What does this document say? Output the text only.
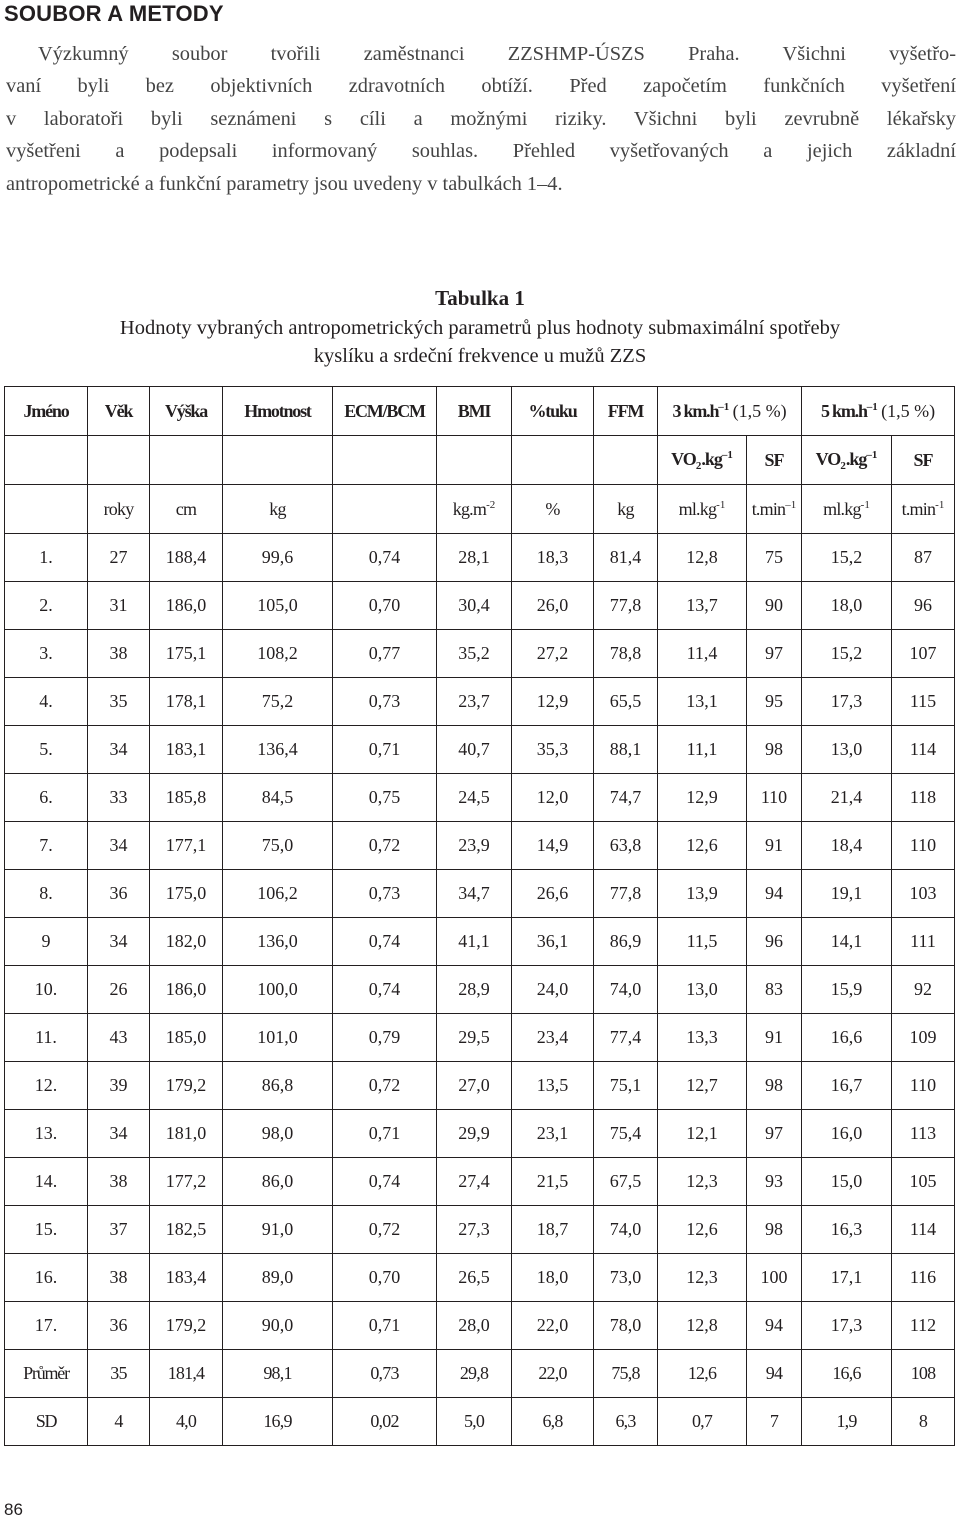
SOUBOR A METODY
Výzkumný soubor tvořili zaměstnanci ZZSHMP-ÚSZS Praha. Všichni vyšetřo-
vaní byli bez objektivních zdravotních obtíží. Před započetím funkčních vyšetření
v laboratoři byli seznámeni s cíli a možnými riziky. Všichni byli zevrubně lékařsky
vyšetřeni a podepsali informovaný souhlas. Přehled vyšetřovaných a jejich základní
antropometrické a funkční parametry jsou uvedeny v tabulkách 1–4.
Tabulka 1
Hodnoty vybraných antropometrických parametrů plus hodnoty submaximální spotřeby
kyslíku a srdeční frekvence u mužů ZZS
Jméno	Věk	Výška	Hmotnost	ECM/BCM	BMI	%tuku	FFM	3 $km.h^{-1}$ (1,5 %)		5 $km.h^{-1}$ (1,5 %)	
								$VO_2.kg^{-1}$	SF	$VO_2.kg^{-1}$	SF
	roky	cm	kg		$kg.m^{-2}$	%	kg	$ml.kg^{-1}$	$t.\min^{-1}$	$ml.kg^{-1}$	$t.\min^{-1}$
1.	27	188,4	99,6	0,74	28,1	18,3	81,4	12,8	75	15,2	87
2.	31	186,0	105,0	0,70	30,4	26,0	77,8	13,7	90	18,0	96
3.	38	175,1	108,2	0,77	35,2	27,2	78,8	11,4	97	15,2	107
4.	35	178,1	75,2	0,73	23,7	12,9	65,5	13,1	95	17,3	115
5.	34	183,1	136,4	0,71	40,7	35,3	88,1	11,1	98	13,0	114
6.	33	185,8	84,5	0,75	24,5	12,0	74,7	12,9	110	21,4	118
7.	34	177,1	75,0	0,72	23,9	14,9	63,8	12,6	91	18,4	110
8.	36	175,0	106,2	0,73	34,7	26,6	77,8	13,9	94	19,1	103
9	34	182,0	136,0	0,74	41,1	36,1	86,9	11,5	96	14,1	111
10.	26	186,0	100,0	0,74	28,9	24,0	74,0	13,0	83	15,9	92
11.	43	185,0	101,0	0,79	29,5	23,4	77,4	13,3	91	16,6	109
12.	39	179,2	86,8	0,72	27,0	13,5	75,1	12,7	98	16,7	110
13.	34	181,0	98,0	0,71	29,9	23,1	75,4	12,1	97	16,0	113
14.	38	177,2	86,0	0,74	27,4	21,5	67,5	12,3	93	15,0	105
15.	37	182,5	91,0	0,72	27,3	18,7	74,0	12,6	98	16,3	114
16.	38	183,4	89,0	0,70	26,5	18,0	73,0	12,3	100	17,1	116
17.	36	179,2	90,0	0,71	28,0	22,0	78,0	12,8	94	17,3	112
Průměr	35	181,4	98,1	0,73	29,8	22,0	75,8	12,6	94	16,6	108
SD	4	4,0	16,9	0,02	5,0	6,8	6,3	0,7	7	1,9	8
86
